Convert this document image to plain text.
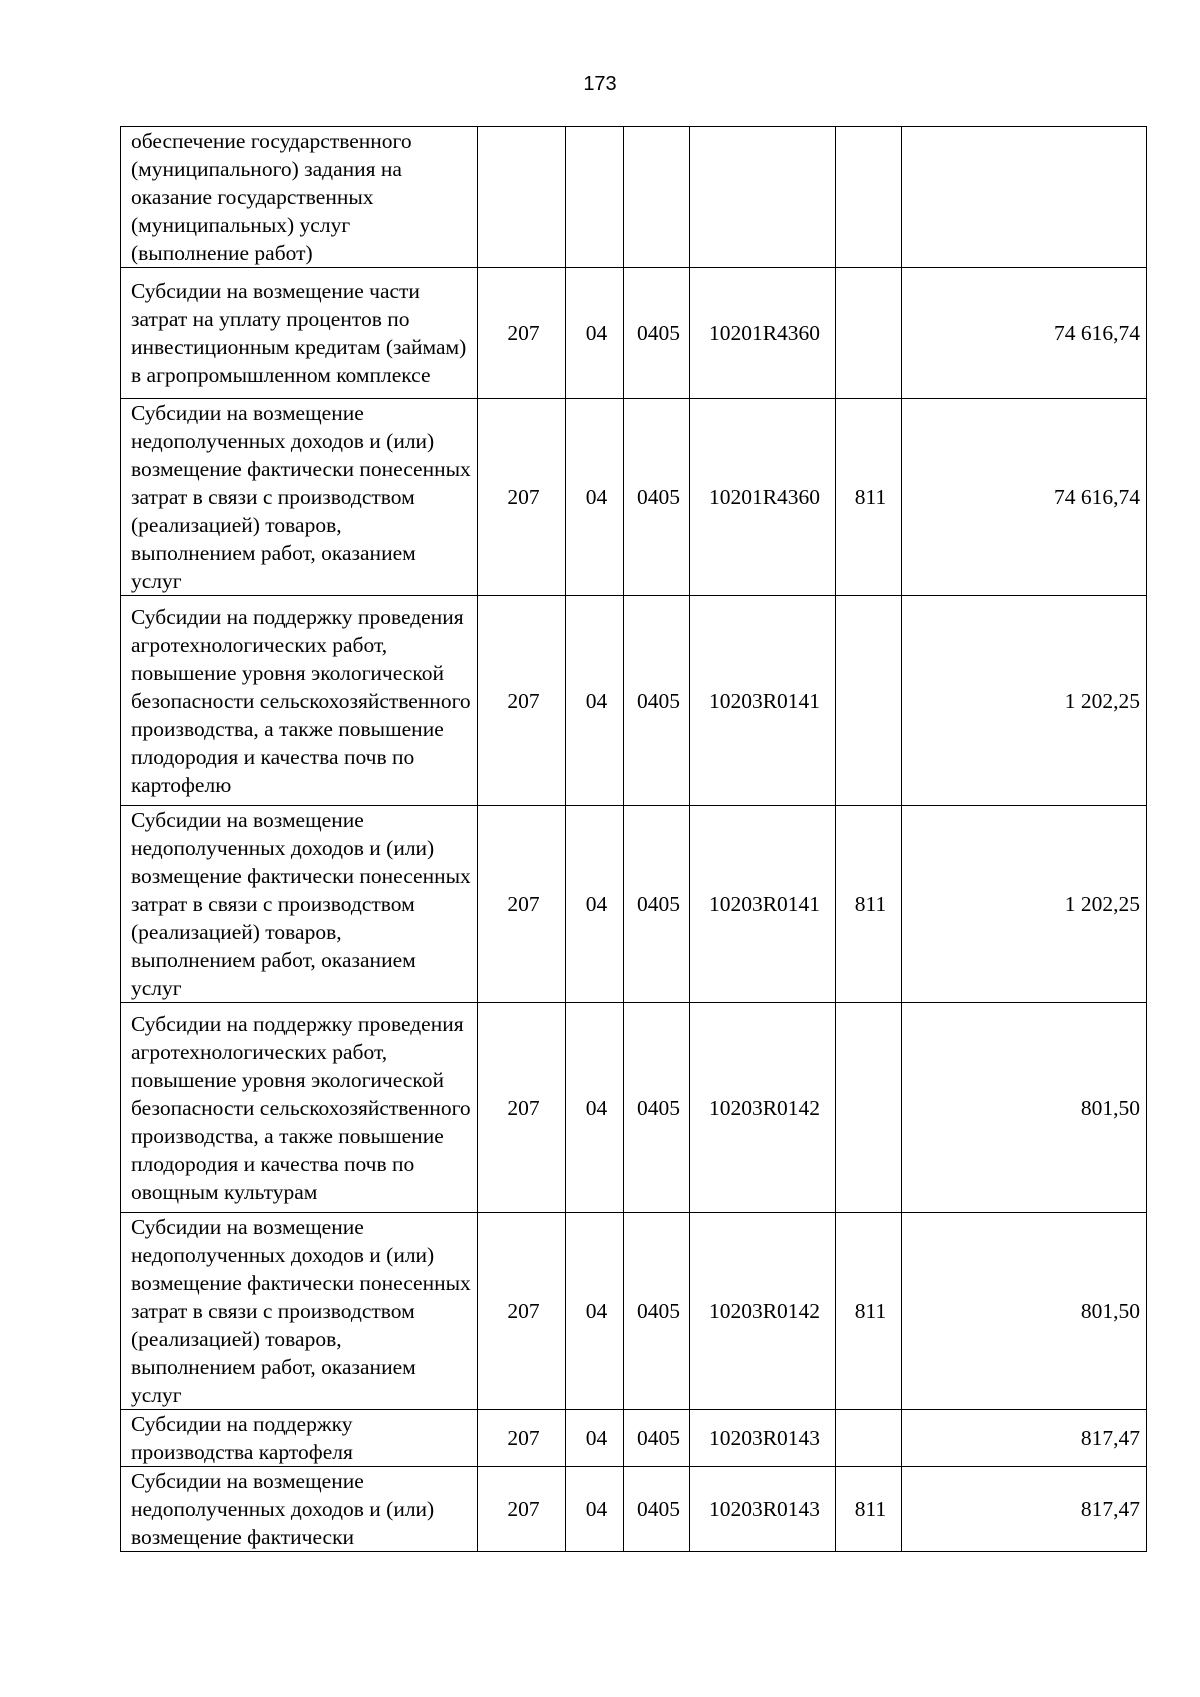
173
обеспечение государственного (муниципального) задания на оказание государственных (муниципальных) услуг (выполнение работ)						
Субсидии на возмещение части затрат на уплату процентов по инвестиционным кредитам (займам) в агропромышленном комплексе	207	04	0405	10201R4360		74 616,74
Субсидии на возмещение недополученных доходов и (или) возмещение фактически понесенных затрат в связи с производством (реализацией) товаров, выполнением работ, оказанием услуг	207	04	0405	10201R4360	811	74 616,74
Субсидии на поддержку проведения агротехнологических работ, повышение уровня экологической безопасности сельскохозяйственного производства, а также повышение плодородия и качества почв по картофелю	207	04	0405	10203R0141		1 202,25
Субсидии на возмещение недополученных доходов и (или) возмещение фактически понесенных затрат в связи с производством (реализацией) товаров, выполнением работ, оказанием услуг	207	04	0405	10203R0141	811	1 202,25
Субсидии на поддержку проведения агротехнологических работ, повышение уровня экологической безопасности сельскохозяйственного производства, а также повышение плодородия и качества почв по овощным культурам	207	04	0405	10203R0142		801,50
Субсидии на возмещение недополученных доходов и (или) возмещение фактически понесенных затрат в связи с производством (реализацией) товаров, выполнением работ, оказанием услуг	207	04	0405	10203R0142	811	801,50
Субсидии на поддержку производства картофеля	207	04	0405	10203R0143		817,47
Субсидии на возмещение недополученных доходов и (или) возмещение фактически	207	04	0405	10203R0143	811	817,47
